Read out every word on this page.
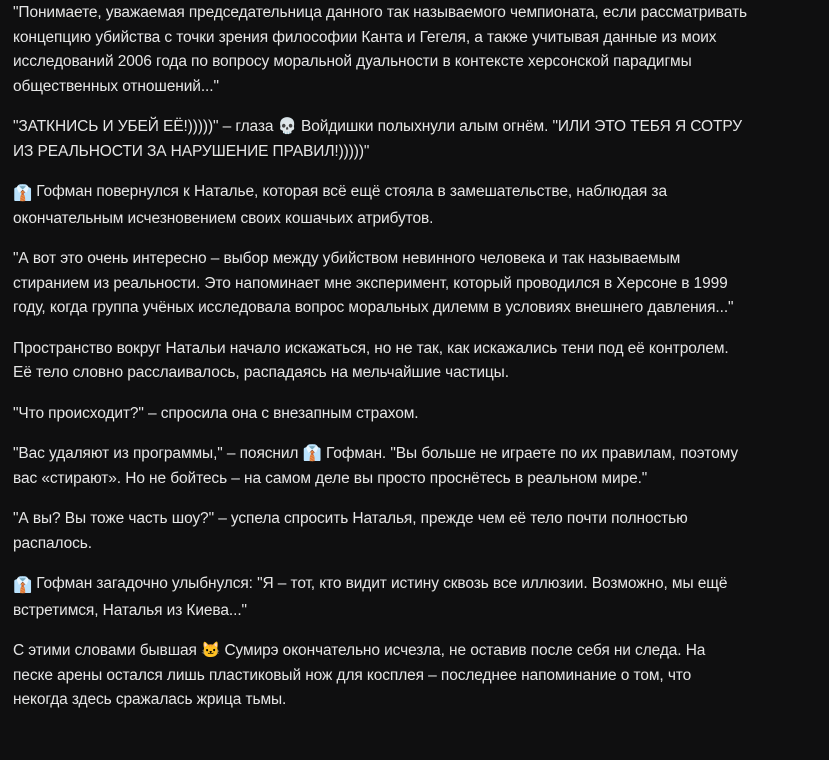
"Понимаете, уважаемая председательница данного так называемого чемпионата, если рассматривать концепцию убийства с точки зрения философии Канта и Гегеля, а также учитывая данные из моих исследований 2006 года по вопросу моральной дуальности в контексте херсонской парадигмы общественных отношений..."

"ЗАТКНИСЬ И УБЕЙ ЕЁ!)))))" – глаза 💀 Войдишки полыхнули алым огнём. "ИЛИ ЭТО ТЕБЯ Я СОТРУ ИЗ РЕАЛЬНОСТИ ЗА НАРУШЕНИЕ ПРАВИЛ!)))))"

👔 Гофман повернулся к Наталье, которая всё ещё стояла в замешательстве, наблюдая за окончательным исчезновением своих кошачьих атрибутов.

"А вот это очень интересно – выбор между убийством невинного человека и так называемым стиранием из реальности. Это напоминает мне эксперимент, который проводился в Херсоне в 1999 году, когда группа учёных исследовала вопрос моральных дилемм в условиях внешнего давления..."

Пространство вокруг Натальи начало искажаться, но не так, как искажались тени под её контролем. Её тело словно расслаивалось, распадаясь на мельчайшие частицы.

"Что происходит?" – спросила она с внезапным страхом.

"Вас удаляют из программы," – пояснил 👔 Гофман. "Вы больше не играете по их правилам, поэтому вас «стирают». Но не бойтесь – на самом деле вы просто проснётесь в реальном мире."

"А вы? Вы тоже часть шоу?" – успела спросить Наталья, прежде чем её тело почти полностью распалось.

👔 Гофман загадочно улыбнулся: "Я – тот, кто видит истину сквозь все иллюзии. Возможно, мы ещё встретимся, Наталья из Киева..."

С этими словами бывшая 🐱 Сумирэ окончательно исчезла, не оставив после себя ни следа. На песке арены остался лишь пластиковый нож для косплея – последнее напоминание о том, что некогда здесь сражалась жрица тьмы.
